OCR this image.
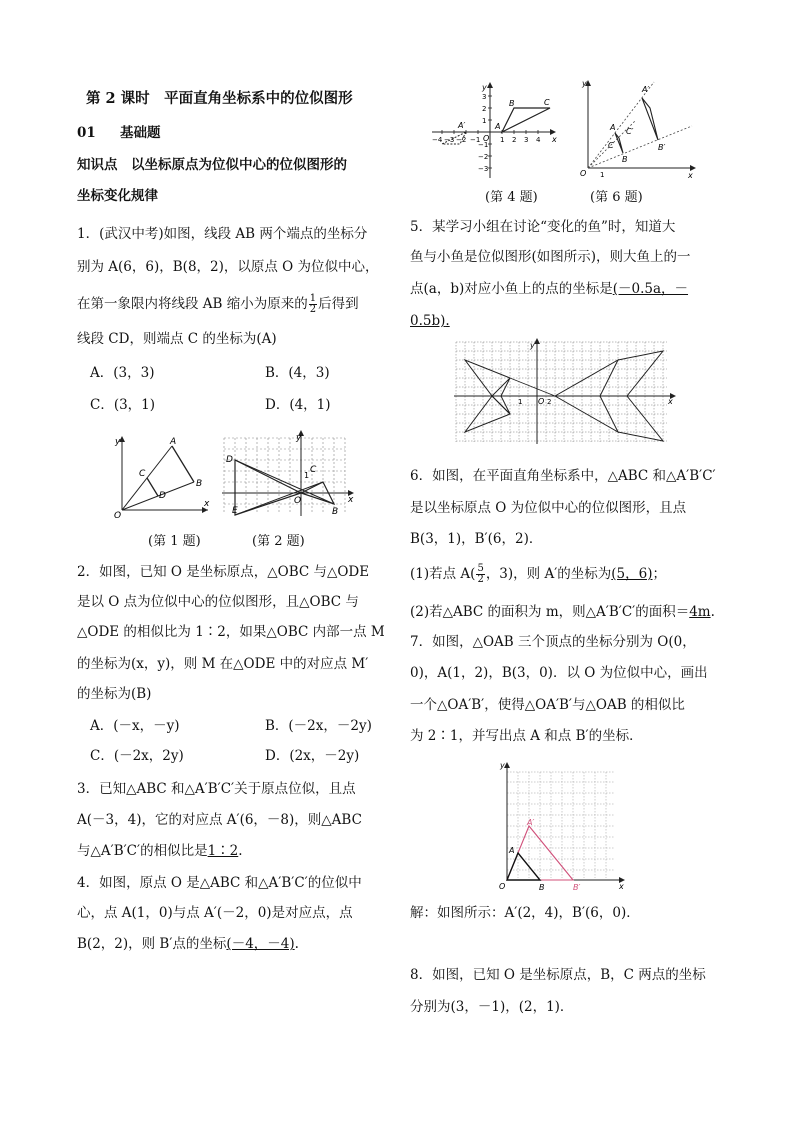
第 2 课时　平面直角坐标系中的位似图形
01 基础题
知识点　以坐标原点为位似中心的位似图形的
坐标变化规律
1．(武汉中考)如图，线段 AB 两个端点的坐标分
别为 A(6，6)，B(8，2)，以原点 O 为位似中心，
在第一象限内将线段 AB 缩小为原来的 $\frac{1}{2}$ 后得到
线段 CD，则端点 C 的坐标为(A)
A．(3，3)	B．(4，3)
C．(3，1)	D．(4，1)
O
y
x
A
B
C
D
(第 1 题)
y
x
O
1
C
B
D
E
(第 2 题)
2．如图，已知 O 是坐标原点，△OBC 与△ODE
是以 O 点为位似中心的位似图形，且△OBC 与
△ODE 的相似比为 1∶2，如果△OBC 内部一点 M
的坐标为(x，y)，则 M 在△ODE 中的对应点 M′
的坐标为(B)
A．(－x，－y)	B．(－2x，－2y)
C．(－2x，2y)	D．(2x，－2y)
3．已知△ABC 和△A′B′C′关于原点位似，且点
A(－3，4)，它的对应点 A′(6，－8)，则△ABC
与△A′B′C′的相似比是1∶2.
4．如图，原点 O 是△ABC 和△A′B′C′的位似中
心，点 A(1，0)与点 A′(－2，0)是对应点，点
B(2，2)，则 B′点的坐标(－4，－4).
y
x
O
−4 −3 −2 −1	1 2 3 4
3
2
1
−1
−2
−3
A
B	C
A′
(第 4 题)
y
x
O 1
A
B
C
A′
B′
C′
(第 6 题)
5．某学习小组在讨论“变化的鱼”时，知道大
鱼与小鱼是位似图形(如图所示)，则大鱼上的一
点(a，b)对应小鱼上的点的坐标是(－0.5a，－
0.5b).
y
x
O 2
1
6．如图，在平面直角坐标系中，△ABC 和△A′B′C′
是以坐标原点 O 为位似中心的位似图形，且点
B(3，1)，B′(6，2)．
(1)若点 $A( \frac{5}{2}$ ，3)，则 A′的坐标为(5，6)；
(2)若△ABC 的面积为 m，则△A′B′C′的面积＝4m.
7．如图，△OAB 三个顶点的坐标分别为 O(0，
0)，A(1，2)，B(3，0)．以 O 为位似中心，画出
一个△OA′B′，使得△OA′B′与△OAB 的相似比
为 2∶1，并写出点 A 和点 B′的坐标．
y
x
O
A
A′
B	B′
解：如图所示：A′(2，4)，B′(6，0)．
8．如图，已知 O 是坐标原点，B，C 两点的坐标
分别为(3，－1)，(2，1)．
